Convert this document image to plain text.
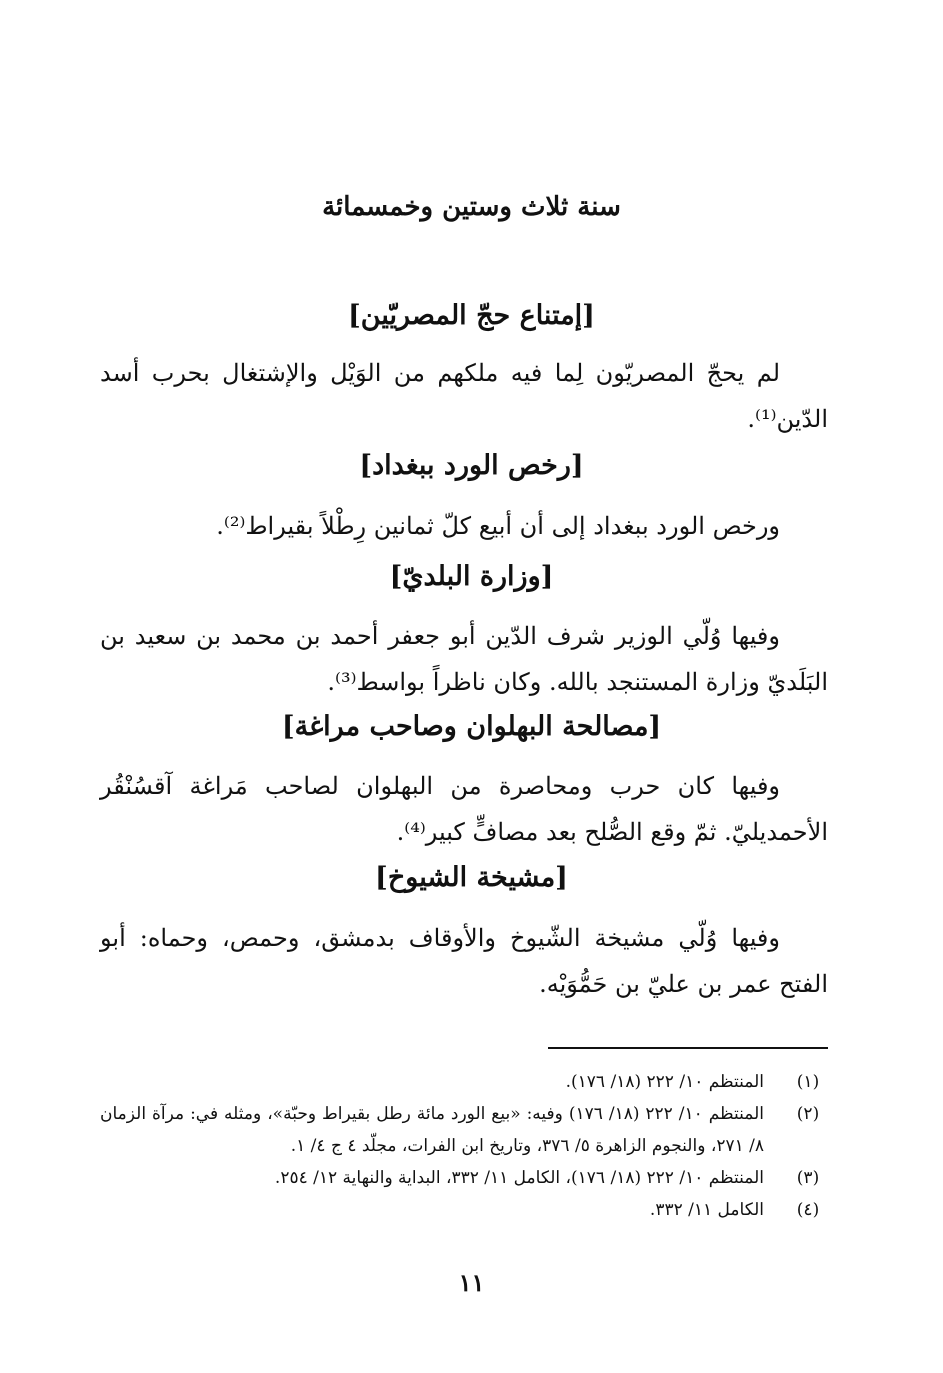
سنة ثلاث وستين وخمسمائة
[إمتناع حجّ المصريّين]

لم يحجّ المصريّون لِما فيه ملكهم من الوَيْل والإشتغال بحرب أسد
الدّين⁽¹⁾.

[رخص الورد ببغداد]

ورخص الورد ببغداد إلى أن أبيع كلّ ثمانين رِطْلاً بقيراط⁽²⁾.

[وزارة البلديّ]

وفيها وُلّي الوزير شرف الدّين أبو جعفر أحمد بن محمد بن سعيد بن
البَلَديّ وزارة المستنجد بالله. وكان ناظراً بواسط⁽³⁾.

[مصالحة البهلوان وصاحب مراغة]

وفيها كان حرب ومحاصرة من البهلوان لصاحب مَراغة آقسُنْقُر
الأحمديليّ. ثمّ وقع الصُّلح بعد مصافٍّ كبير⁽⁴⁾.

[مشيخة الشيوخ]

وفيها وُلّي مشيخة الشّيوخ والأوقاف بدمشق، وحمص، وحماه: أبو
الفتح عمر بن عليّ بن حَمُّوَيْه.

(١)
المنتظم ١٠/ ٢٢٢ (١٨/ ١٧٦).
(٢)
المنتظم ١٠/ ٢٢٢ (١٨/ ١٧٦) وفيه: «بيع الورد مائة رطل بقيراط وحبّة»، ومثله في: مرآة الزمان ٨/ ٢٧١، والنجوم الزاهرة ٥/ ٣٧٦، وتاريخ ابن الفرات، مجلّد ٤ ج ٤/ ١.
(٣)
المنتظم ١٠/ ٢٢٢ (١٨/ ١٧٦)، الكامل ١١/ ٣٣٢، البداية والنهاية ١٢/ ٢٥٤.
(٤)
الكامل ١١/ ٣٣٢.
١١
